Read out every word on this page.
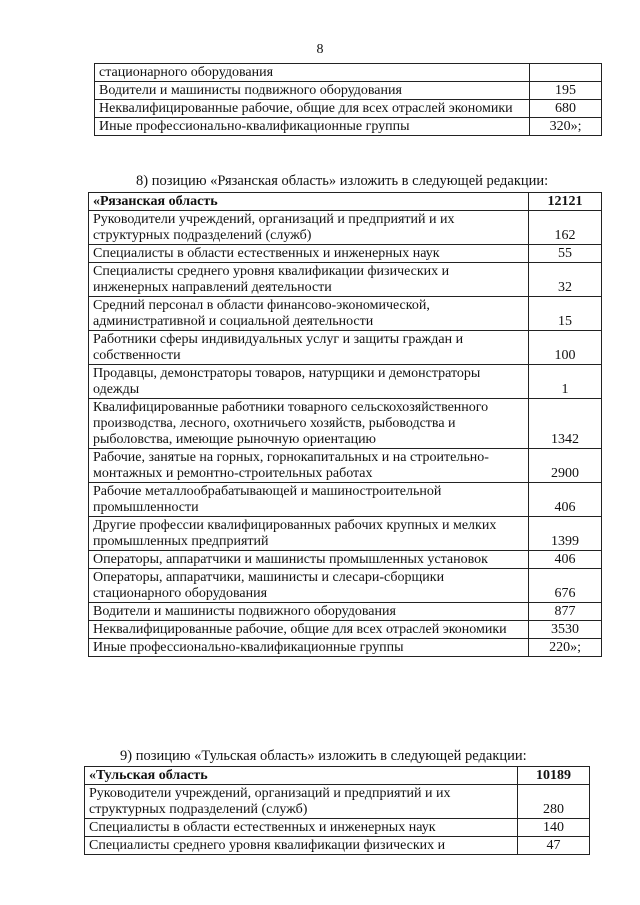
8
стационарного оборудования	
Водители и машинисты подвижного оборудования	195
Неквалифицированные рабочие, общие для всех отраслей экономики	680
Иные профессионально-квалификационные группы	320»;
8) позицию «Рязанская область» изложить в следующей редакции:
«Рязанская область	12121
Руководители учреждений, организаций и предприятий и их структурных подразделений (служб)	162
Специалисты в области естественных и инженерных наук	55
Специалисты среднего уровня квалификации физических и инженерных направлений деятельности	32
Средний персонал в области финансово-экономической, административной и социальной деятельности	15
Работники сферы индивидуальных услуг и защиты граждан и собственности	100
Продавцы, демонстраторы товаров, натурщики и демонстраторы одежды	1
Квалифицированные работники товарного сельскохозяйственного производства, лесного, охотничьего хозяйств, рыбоводства и рыболовства, имеющие рыночную ориентацию	1342
Рабочие, занятые на горных, горнокапитальных и на строительно-монтажных и ремонтно-строительных работах	2900
Рабочие металлообрабатывающей и машиностроительной промышленности	406
Другие профессии квалифицированных рабочих крупных и мелких промышленных предприятий	1399
Операторы, аппаратчики и машинисты промышленных установок	406
Операторы, аппаратчики, машинисты и слесари-сборщики стационарного оборудования	676
Водители и машинисты подвижного оборудования	877
Неквалифицированные рабочие, общие для всех отраслей экономики	3530
Иные профессионально-квалификационные группы	220»;
9) позицию «Тульская область» изложить в следующей редакции:
«Тульская область	10189
Руководители учреждений, организаций и предприятий и их структурных подразделений (служб)	280
Специалисты в области естественных и инженерных наук	140
Специалисты среднего уровня квалификации физических и	47
